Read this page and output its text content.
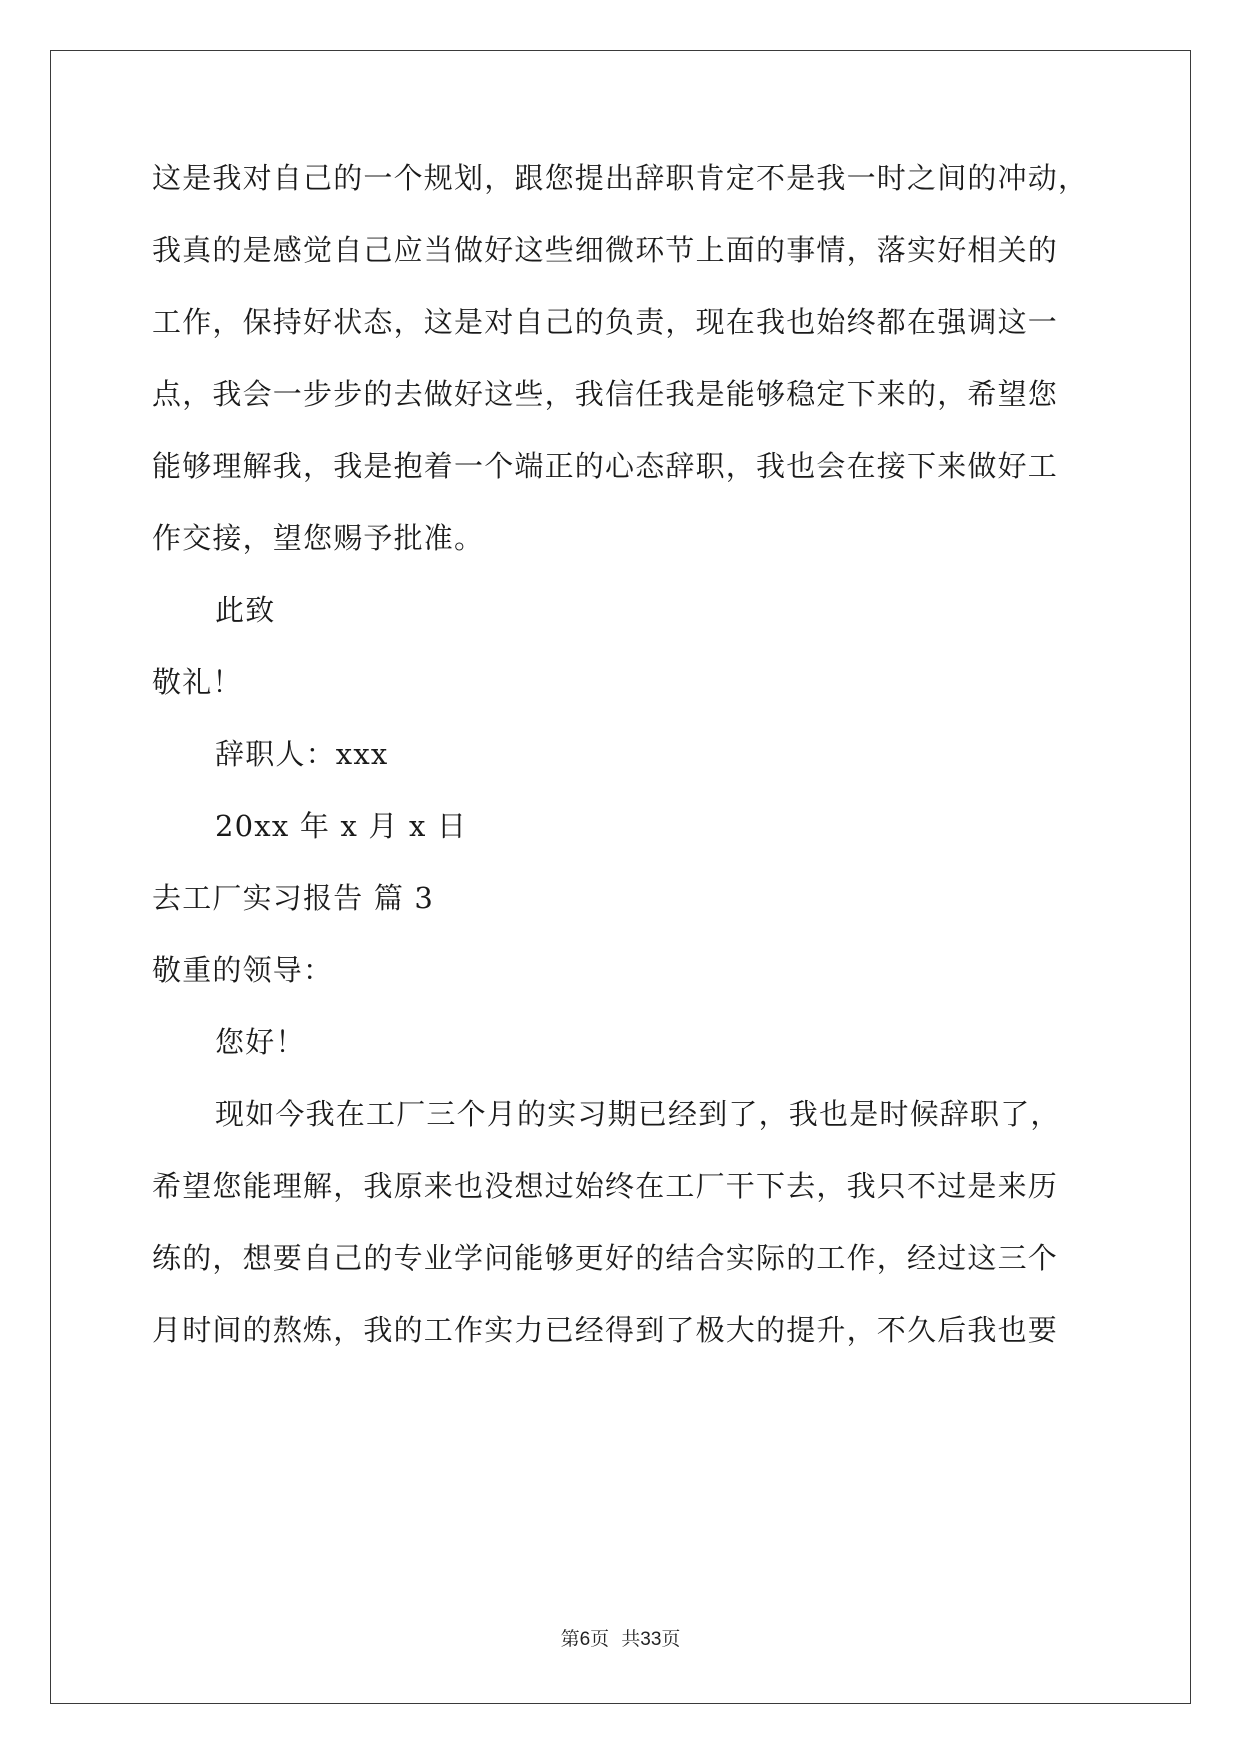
这是我对自己的一个规划，跟您提出辞职肯定不是我一时之间的冲动，
我真的是感觉自己应当做好这些细微环节上面的事情，落实好相关的
工作，保持好状态，这是对自己的负责，现在我也始终都在强调这一
点，我会一步步的去做好这些，我信任我是能够稳定下来的，希望您
能够理解我，我是抱着一个端正的心态辞职，我也会在接下来做好工
作交接，望您赐予批准。
此致
敬礼！
辞职人：xxx
20xx 年 x 月 x 日
去工厂实习报告 篇 3
敬重的领导：
您好！
现如今我在工厂三个月的实习期已经到了，我也是时候辞职了，
希望您能理解，我原来也没想过始终在工厂干下去，我只不过是来历
练的，想要自己的专业学问能够更好的结合实际的工作，经过这三个
月时间的熬炼，我的工作实力已经得到了极大的提升，不久后我也要
第6页  共33页
